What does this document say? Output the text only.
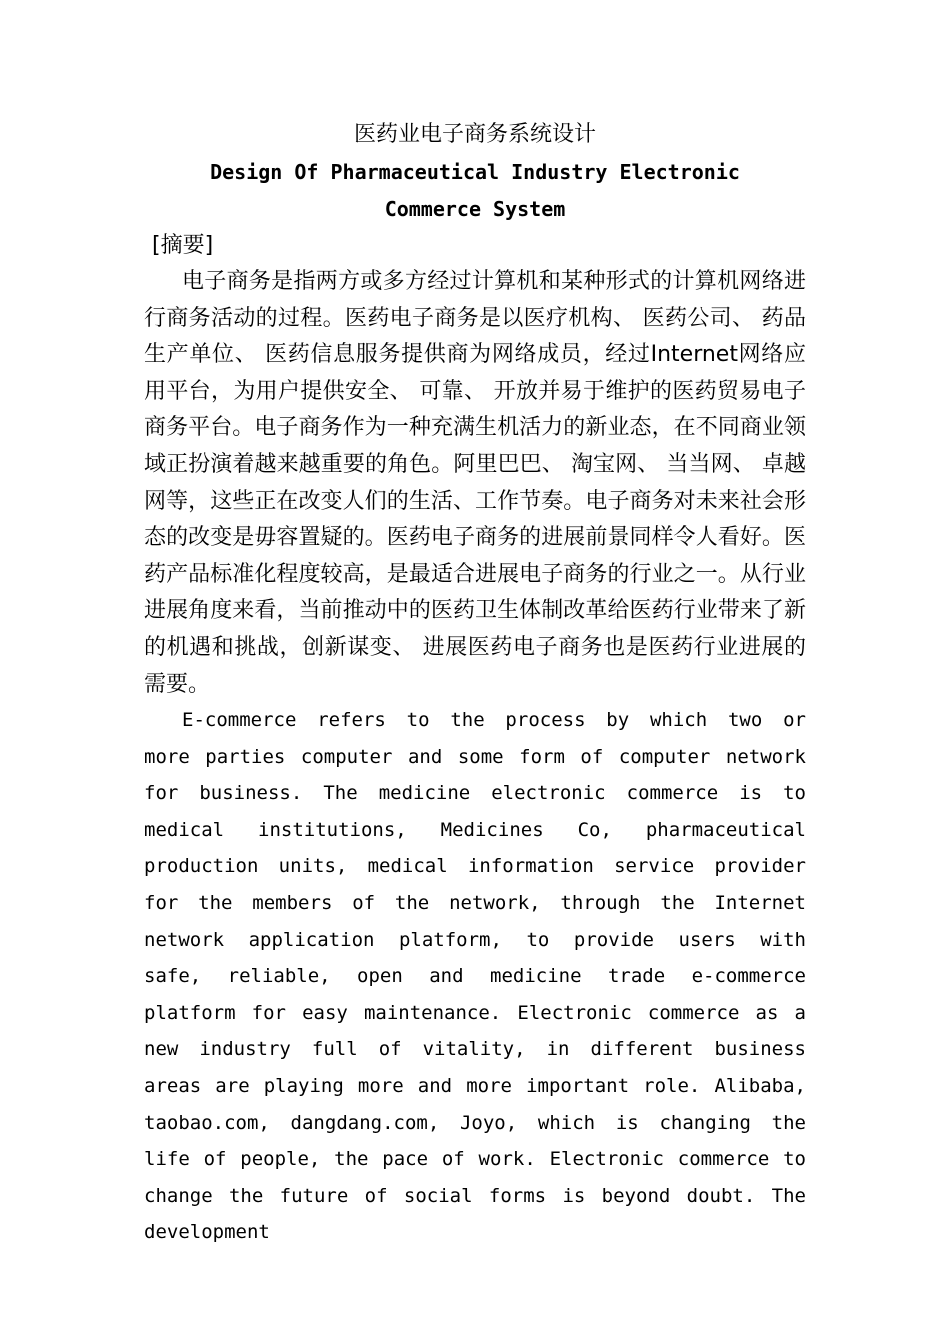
医药业电子商务系统设计
Design Of Pharmaceutical Industry Electronic
Commerce System
[摘要]

电子商务是指两方或多方经过计算机和某种形式的计算机网络进行商务活动的过程。医药电子商务是以医疗机构、 医药公司、 药品生产单位、 医药信息服务提供商为网络成员，经过Internet网络应用平台，为用户提供安全、 可靠、 开放并易于维护的医药贸易电子商务平台。电子商务作为一种充满生机活力的新业态，在不同商业领域正扮演着越来越重要的角色。阿里巴巴、 淘宝网、 当当网、 卓越网等，这些正在改变人们的生活、工作节奏。电子商务对未来社会形态的改变是毋容置疑的。医药电子商务的进展前景同样令人看好。医药产品标准化程度较高，是最适合进展电子商务的行业之一。从行业进展角度来看，当前推动中的医药卫生体制改革给医药行业带来了新的机遇和挑战，创新谋变、 进展医药电子商务也是医药行业进展的需要。

E-commerce refers to the process by which two or more parties computer and some form of computer network for business. The medicine electronic commerce is to medical institutions, Medicines Co, pharmaceutical production units, medical information service provider for the members of the network, through the Internet network application platform, to provide users with safe, reliable, open and medicine trade e-commerce platform for easy maintenance. Electronic commerce as a new industry full of vitality, in different business areas are playing more and more important role. Alibaba, taobao.com, dangdang.com, Joyo, which is changing the life of people, the pace of work. Electronic commerce to change the future of social forms is beyond doubt. The development
